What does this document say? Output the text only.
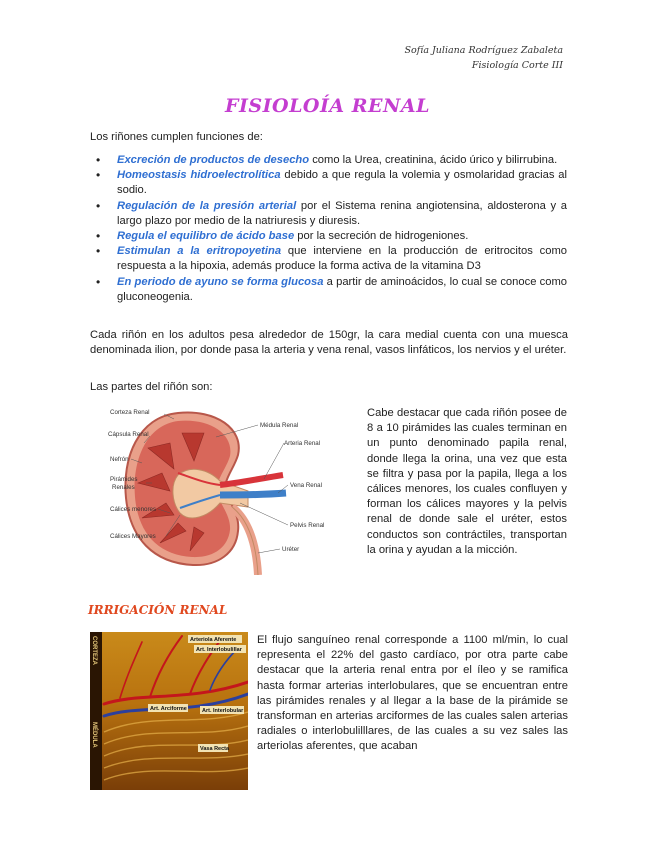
Sofía Juliana Rodríguez Zabaleta
Fisiología Corte III
FISIOLOÍA RENAL
Los riñones cumplen funciones de:
• Excreción de productos de desecho como la Urea, creatinina, ácido úrico y bilirrubina.
• Homeostasis hidroelectrolítica debido a que regula la volemia y osmolaridad gracias al sodio.
• Regulación de la presión arterial por el Sistema renina angiotensina, aldosterona y a largo plazo por medio de la natriuresis y diuresis.
• Regula el equilibro de ácido base por la secreción de hidrogeniones.
• Estimulan a la eritropoyetina que interviene en la producción de eritrocitos como respuesta a la hipoxia, además produce la forma activa de la vitamina D3
• En periodo de ayuno se forma glucosa a partir de aminoácidos, lo cual se conoce como gluconeogenia.
Cada riñón en los adultos pesa alrededor de 150gr, la cara medial cuenta con una muesca denominada ilion, por donde pasa la arteria y vena renal, vasos linfáticos, los nervios y el uréter.
Las partes del riñón son:
Corteza Renal
Cápsula Renal
Nefrón
Pirámides
Renales
Cálices menores
Cálices Mayores
Médula Renal
Arteria Renal
Vena Renal
Pelvis Renal
Uréter
Cabe destacar que cada riñón posee de 8 a 10 pirámides las cuales terminan en un punto denominado papila renal, donde llega la orina, una vez que esta se filtra y pasa por la papila, llega a los cálices menores, los cuales confluyen y forman los cálices mayores y la pelvis renal de donde sale el uréter, estos conductos son contráctiles, transportan la orina y ayudan a la micción.
IRRIGACIÓN RENAL
CORTEZA
MÉDULA
Arteriola Aferente
Art. Interlobulillar
Art. Arciforme	Art. Interlobular
Vasa Recta
El flujo sanguíneo renal corresponde a 1100 ml/min, lo cual representa el 22% del gasto cardíaco, por otra parte cabe destacar que la arteria renal entra por el íleo y se ramifica hasta formar arterias interlobulares, que se encuentran entre las pirámides renales y al llegar a la base de la pirámide se transforman en arterias arciformes de las cuales salen arterias radiales o interlobulilllares, de las cuales a su vez sales las arteriolas aferentes, que acaban
